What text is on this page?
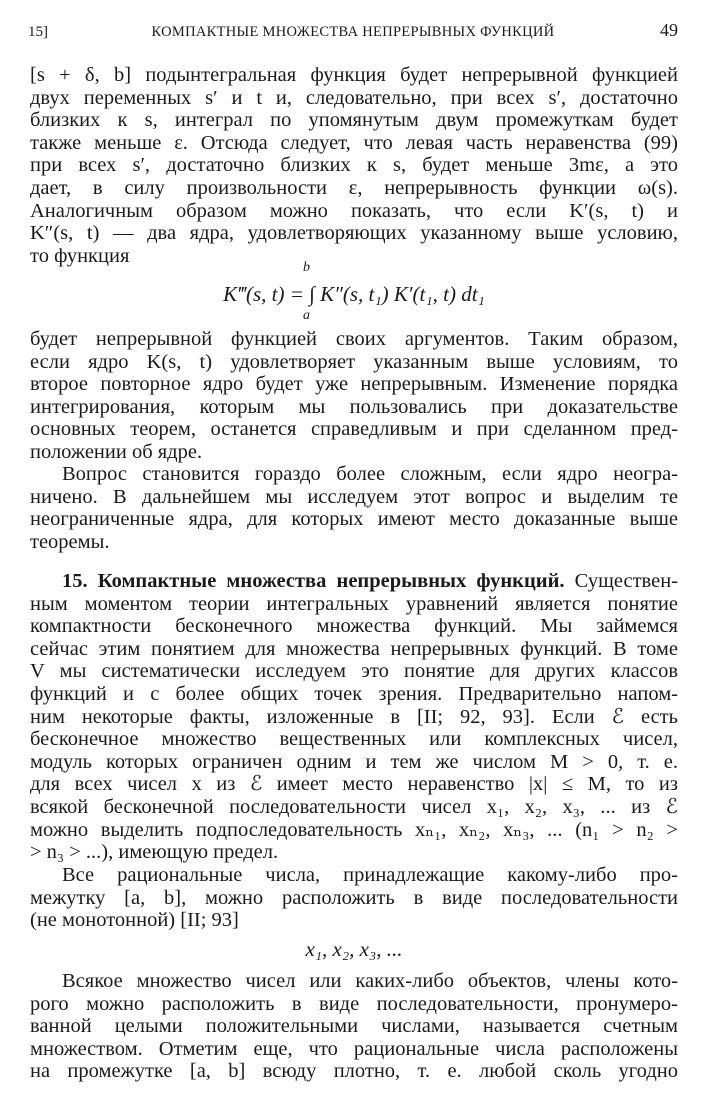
15]	КОМПАКТНЫЕ МНОЖЕСТВА НЕПРЕРЫВНЫХ ФУНКЦИЙ	49

[s + δ, b] подынтегральная функция будет непрерывной функцией
двух переменных s′ и t и, следовательно, при всех s′, достаточно
близких к s, интеграл по упомянутым двум промежуткам будет
также меньше ε. Отсюда следует, что левая часть неравенства (99)
при всех s′, достаточно близких к s, будет меньше 3mε, а это
дает, в силу произвольности ε, непрерывность функции ω(s).
Аналогичным образом можно показать, что если K′(s, t) и
K″(s, t) — два ядра, удовлетворяющих указанному выше условию,
то функция

b
K‴(s, t) = ∫ K″(s, t₁) K′(t₁, t) dt₁
a

будет непрерывной функцией своих аргументов. Таким образом,
если ядро K(s, t) удовлетворяет указанным выше условиям, то
второе повторное ядро будет уже непрерывным. Изменение порядка
интегрирования, которым мы пользовались при доказательстве
основных теорем, останется справедливым и при сделанном пред-
положении об ядре.

Вопрос становится гораздо более сложным, если ядро неогра-
ничено. В дальнейшем мы исследуем этот вопрос и выделим те
неограниченные ядра, для которых имеют место доказанные выше
теоремы.

15. Компактные множества непрерывных функций. Существен-
ным моментом теории интегральных уравнений является понятие
компактности бесконечного множества функций. Мы займемся
сейчас этим понятием для множества непрерывных функций. В томе
V мы систематически исследуем это понятие для других классов
функций и с более общих точек зрения. Предварительно напом-
ним некоторые факты, изложенные в [II; 92, 93]. Если ℰ есть
бесконечное множество вещественных или комплексных чисел,
модуль которых ограничен одним и тем же числом M > 0, т. е.
для всех чисел x из ℰ имеет место неравенство |x| ≤ M, то из
всякой бесконечной последовательности чисел x₁, x₂, x₃, ... из ℰ
можно выделить подпоследовательность xₙ₁, xₙ₂, xₙ₃, ... (n₁ > n₂ >
> n₃ > ...), имеющую предел.

Все рациональные числа, принадлежащие какому-либо про-
межутку [a, b], можно расположить в виде последовательности
(не монотонной) [II; 93]

x₁, x₂, x₃, ...

Всякое множество чисел или каких-либо объектов, члены кото-
рого можно расположить в виде последовательности, пронумеро-
ванной целыми положительными числами, называется счетным
множеством. Отметим еще, что рациональные числа расположены
на промежутке [a, b] всюду плотно, т. е. любой сколь угодно
